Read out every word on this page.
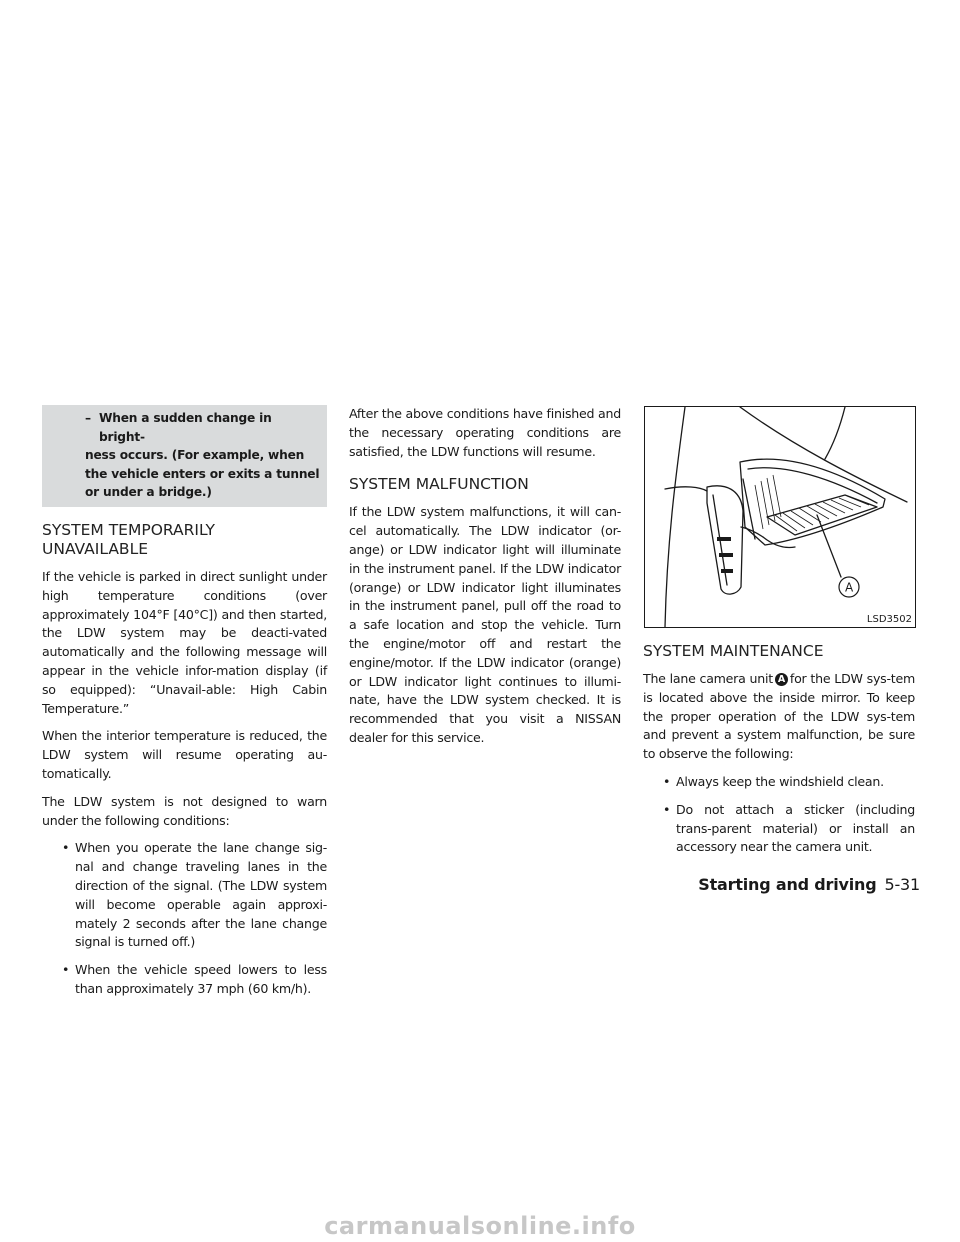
– When a sudden change in bright-
ness occurs. (For example, when
the vehicle enters or exits a tunnel
or under a bridge.)
SYSTEM TEMPORARILY
UNAVAILABLE

If the vehicle is parked in direct sunlight under high temperature conditions (over approximately 104°F [40°C]) and then started, the LDW system may be deacti-vated automatically and the following message will appear in the vehicle infor-mation display (if so equipped): “Unavail-able: High Cabin Temperature.”

When the interior temperature is reduced, the LDW system will resume operating au-tomatically.

The LDW system is not designed to warn under the following conditions:

• When you operate the lane change sig-nal and change traveling lanes in the direction of the signal. (The LDW system will become operable again approxi-mately 2 seconds after the lane change signal is turned off.)
• When the vehicle speed lowers to less than approximately 37 mph (60 km/h).

After the above conditions have finished and the necessary operating conditions are satisfied, the LDW functions will resume.

SYSTEM MALFUNCTION

If the LDW system malfunctions, it will can-cel automatically. The LDW indicator (or-ange) or LDW indicator light will illuminate in the instrument panel. If the LDW indicator (orange) or LDW indicator light illuminates in the instrument panel, pull off the road to a safe location and stop the vehicle. Turn the engine/motor off and restart the engine/motor. If the LDW indicator (orange) or LDW indicator light continues to illumi-nate, have the LDW system checked. It is recommended that you visit a NISSAN dealer for this service.

A
LSD3502
SYSTEM MAINTENANCE

The lane camera unit A for the LDW sys-tem is located above the inside mirror. To keep the proper operation of the LDW sys-tem and prevent a system malfunction, be sure to observe the following:

• Always keep the windshield clean.
• Do not attach a sticker (including trans-parent material) or install an accessory near the camera unit.
Starting and driving 5-31
carmanualsonline.info
